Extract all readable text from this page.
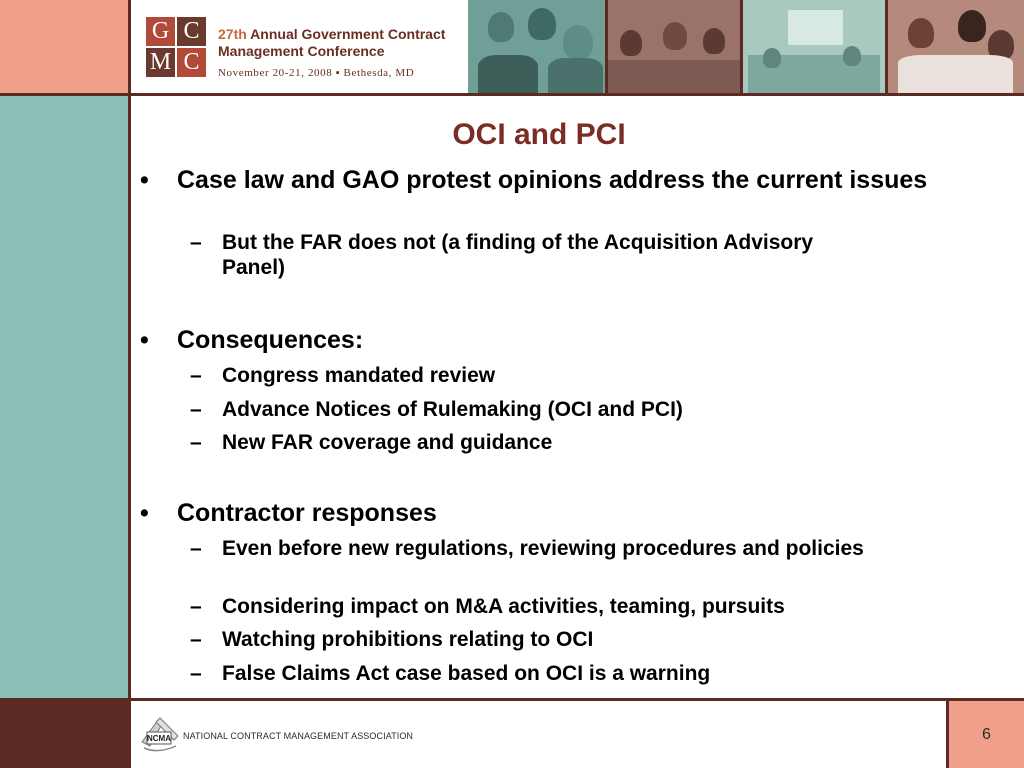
G C
M C
27th Annual Government Contract
Management Conference
November 20-21, 2008 ▪ Bethesda, MD
OCI and PCI
• Case law and GAO protest opinions address the current issues
– But the FAR does not (a finding of the Acquisition Advisory Panel)
• Consequences:
– Congress mandated review
– Advance Notices of Rulemaking (OCI and PCI)
– New FAR coverage and guidance
• Contractor responses
– Even before new regulations, reviewing procedures and policies
– Considering impact on M&A activities, teaming, pursuits
– Watching prohibitions relating to OCI
– False Claims Act case based on OCI is a warning
NCMA NATIONAL CONTRACT MANAGEMENT ASSOCIATION	6
